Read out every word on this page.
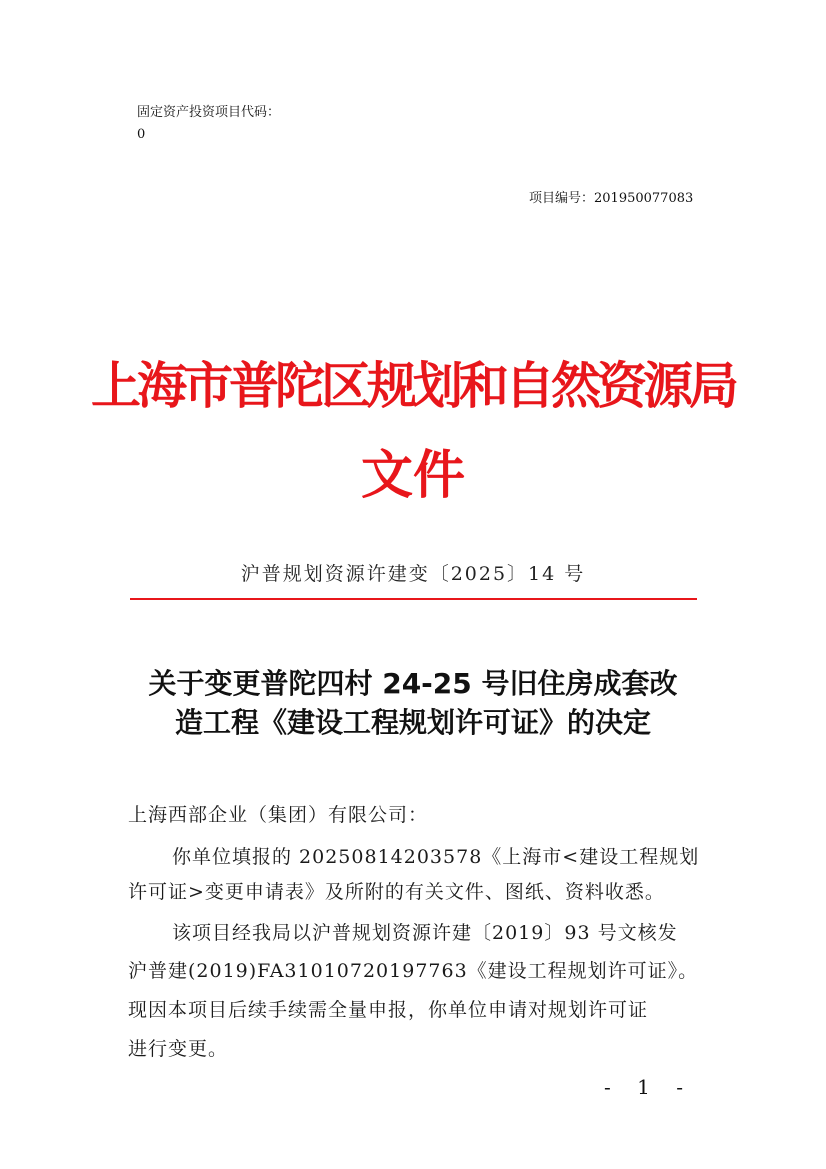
固定资产投资项目代码：
0
项目编号：201950077083
上海市普陀区规划和自然资源局
文件
沪普规划资源许建变〔2025〕14 号
关于变更普陀四村 24-25 号旧住房成套改
造工程《建设工程规划许可证》的决定
上海西部企业（集团）有限公司：
你单位填报的 20250814203578《上海市<建设工程规划
许可证>变更申请表》及所附的有关文件、图纸、资料收悉。
该项目经我局以沪普规划资源许建〔2019〕93 号文核发
沪普建(2019)FA31010720197763《建设工程规划许可证》。
现因本项目后续手续需全量申报，你单位申请对规划许可证
进行变更。
- 1 -
